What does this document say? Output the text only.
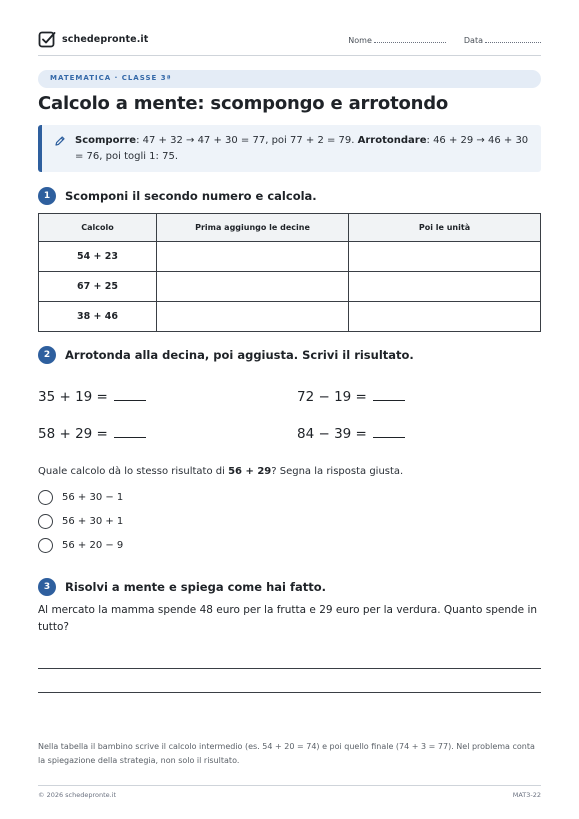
schedepronte.it	Nome	Data
MATEMATICA · CLASSE 3ª
Calcolo a mente: scompongo e arrotondo
Scomporre: 47 + 32 → 47 + 30 = 77, poi 77 + 2 = 79. Arrotondare: 46 + 29 → 46 + 30 = 76, poi togli 1: 75.
1	Scomponi il secondo numero e calcola.
Calcolo	Prima aggiungo le decine	Poi le unità
54 + 23		
67 + 25		
38 + 46		
2	Arrotonda alla decina, poi aggiusta. Scrivi il risultato.
35 + 19 =	72 − 19 =
58 + 29 =	84 − 39 =
Quale calcolo dà lo stesso risultato di 56 + 29? Segna la risposta giusta.
56 + 30 − 1
56 + 30 + 1
56 + 20 − 9
3	Risolvi a mente e spiega come hai fatto.
Al mercato la mamma spende 48 euro per la frutta e 29 euro per la verdura. Quanto spende in tutto?
Nella tabella il bambino scrive il calcolo intermedio (es. 54 + 20 = 74) e poi quello finale (74 + 3 = 77). Nel problema conta la spiegazione della strategia, non solo il risultato.
© 2026 schedepronte.it	MAT3-22
